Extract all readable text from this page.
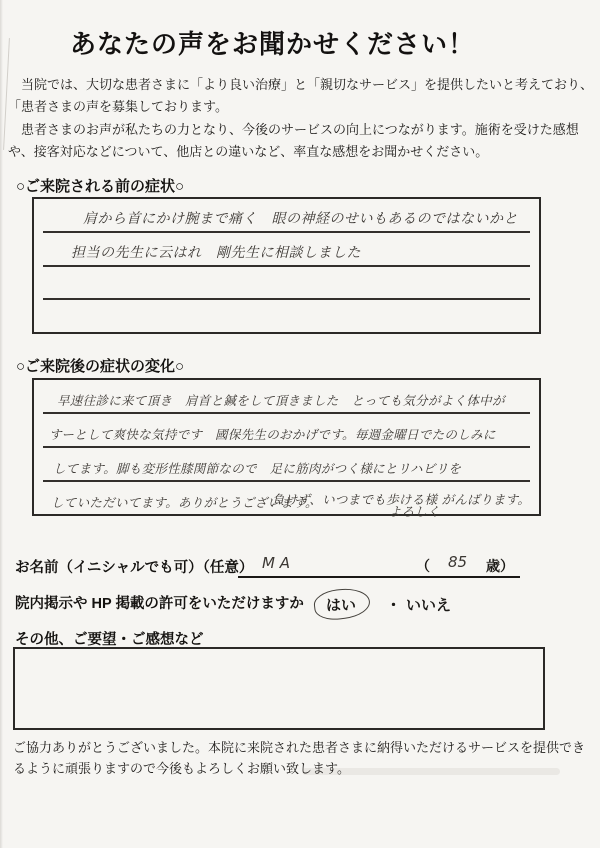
あなたの声をお聞かせください！

当院では、大切な患者さまに「より良い治療」と「親切なサービス」を提供したいと考えており、「患者さまの声を募集しております。

患者さまのお声が私たちの力となり、今後のサービスの向上につながります。施術を受けた感想や、接客対応などについて、他店との違いなど、率直な感想をお聞かせください。

○ご来院される前の症状○
肩から首にかけ腕まで痛く　眼の神経のせいもあるのではないかと
担当の先生に云はれ　剛先生に相談しました
○ご来院後の症状の変化○
早速往診に来て頂き　肩首と鍼をして頂きました　とっても気分がよく体中が
すーとして爽快な気持です　國保先生のおかげです。毎週金曜日でたのしみに
してます。脚も変形性膝関節なので　足に筋肉がつく様にとリハビリを
していただいてます。ありがとうございます。
負けず、いつまでも歩ける様 がんばります。
よろしく
お名前（イニシャルでも可）（任意） M A	（ 85 歳）
院内掲示や HP 掲載の許可をいただけますか はい ・ いいえ
その他、ご要望・ご感想など
ご協力ありがとうございました。本院に来院された患者さまに納得いただけるサービスを提供できるように頑張りますので今後もよろしくお願い致します。
